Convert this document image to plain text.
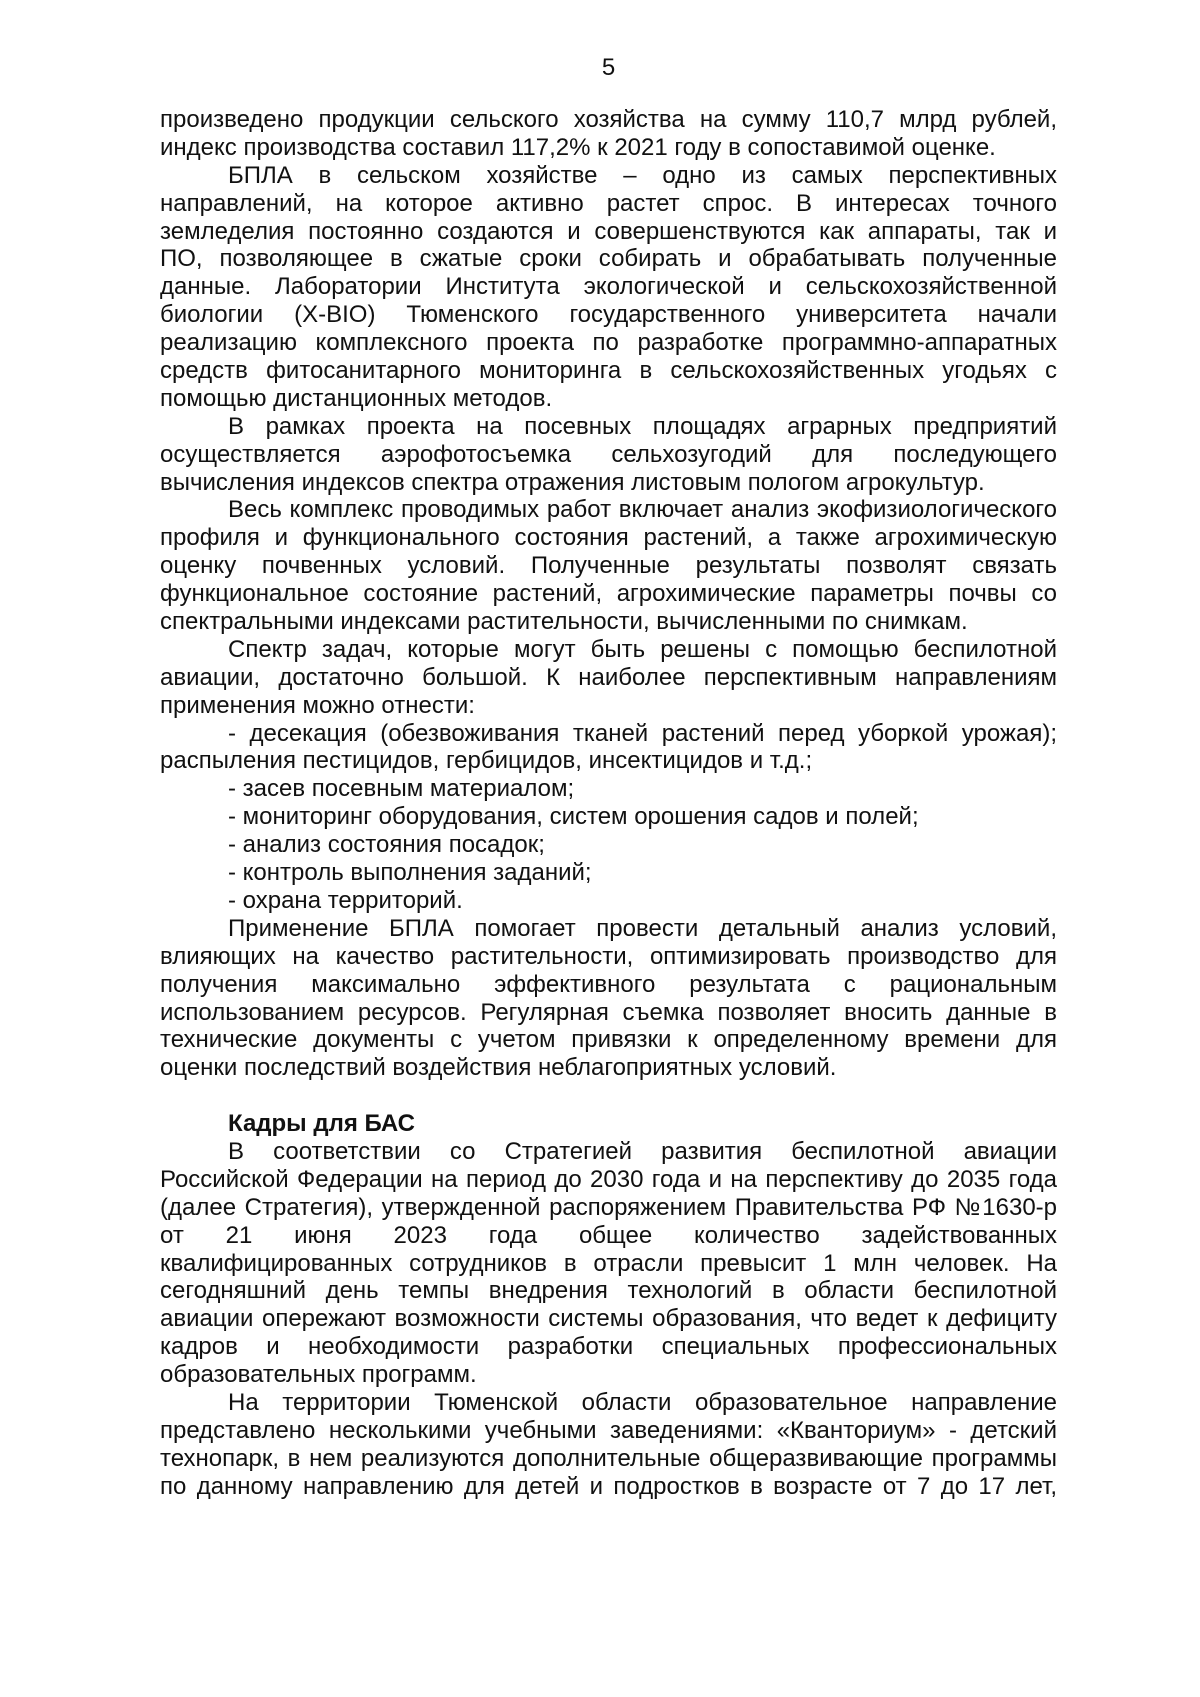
5
произведено продукции сельского хозяйства на сумму 110,7 млрд рублей,
индекс производства составил 117,2% к 2021 году в сопоставимой оценке.
БПЛА в сельском хозяйстве – одно из самых перспективных
направлений, на которое активно растет спрос. В интересах точного
земледелия постоянно создаются и совершенствуются как аппараты, так и
ПО, позволяющее в сжатые сроки собирать и обрабатывать полученные
данные. Лаборатории Института экологической и сельскохозяйственной
биологии (X-BIO) Тюменского государственного университета начали
реализацию комплексного проекта по разработке программно-аппаратных
средств фитосанитарного мониторинга в сельскохозяйственных угодьях с
помощью дистанционных методов.
В рамках проекта на посевных площадях аграрных предприятий
осуществляется аэрофотосъемка сельхозугодий для последующего
вычисления индексов спектра отражения листовым пологом агрокультур.
Весь комплекс проводимых работ включает анализ экофизиологического
профиля и функционального состояния растений, а также агрохимическую
оценку почвенных условий. Полученные результаты позволят связать
функциональное состояние растений, агрохимические параметры почвы со
спектральными индексами растительности, вычисленными по снимкам.
Спектр задач, которые могут быть решены с помощью беспилотной
авиации, достаточно большой. К наиболее перспективным направлениям
применения можно отнести:
- десекация (обезвоживания тканей растений перед уборкой урожая);
распыления пестицидов, гербицидов, инсектицидов и т.д.;
- засев посевным материалом;
- мониторинг оборудования, систем орошения садов и полей;
- анализ состояния посадок;
- контроль выполнения заданий;
- охрана территорий.
Применение БПЛА помогает провести детальный анализ условий,
влияющих на качество растительности, оптимизировать производство для
получения максимально эффективного результата с рациональным
использованием ресурсов. Регулярная съемка позволяет вносить данные в
технические документы с учетом привязки к определенному времени для
оценки последствий воздействия неблагоприятных условий.
Кадры для БАС
В соответствии со Стратегией развития беспилотной авиации
Российской Федерации на период до 2030 года и на перспективу до 2035 года
(далее Стратегия), утвержденной распоряжением Правительства РФ №1630-р
от 21 июня 2023 года общее количество задействованных
квалифицированных сотрудников в отрасли превысит 1 млн человек. На
сегодняшний день темпы внедрения технологий в области беспилотной
авиации опережают возможности системы образования, что ведет к дефициту
кадров и необходимости разработки специальных профессиональных
образовательных программ.
На территории Тюменской области образовательное направление
представлено несколькими учебными заведениями: «Кванториум» - детский
технопарк, в нем реализуются дополнительные общеразвивающие программы
по данному направлению для детей и подростков в возрасте от 7 до 17 лет,
